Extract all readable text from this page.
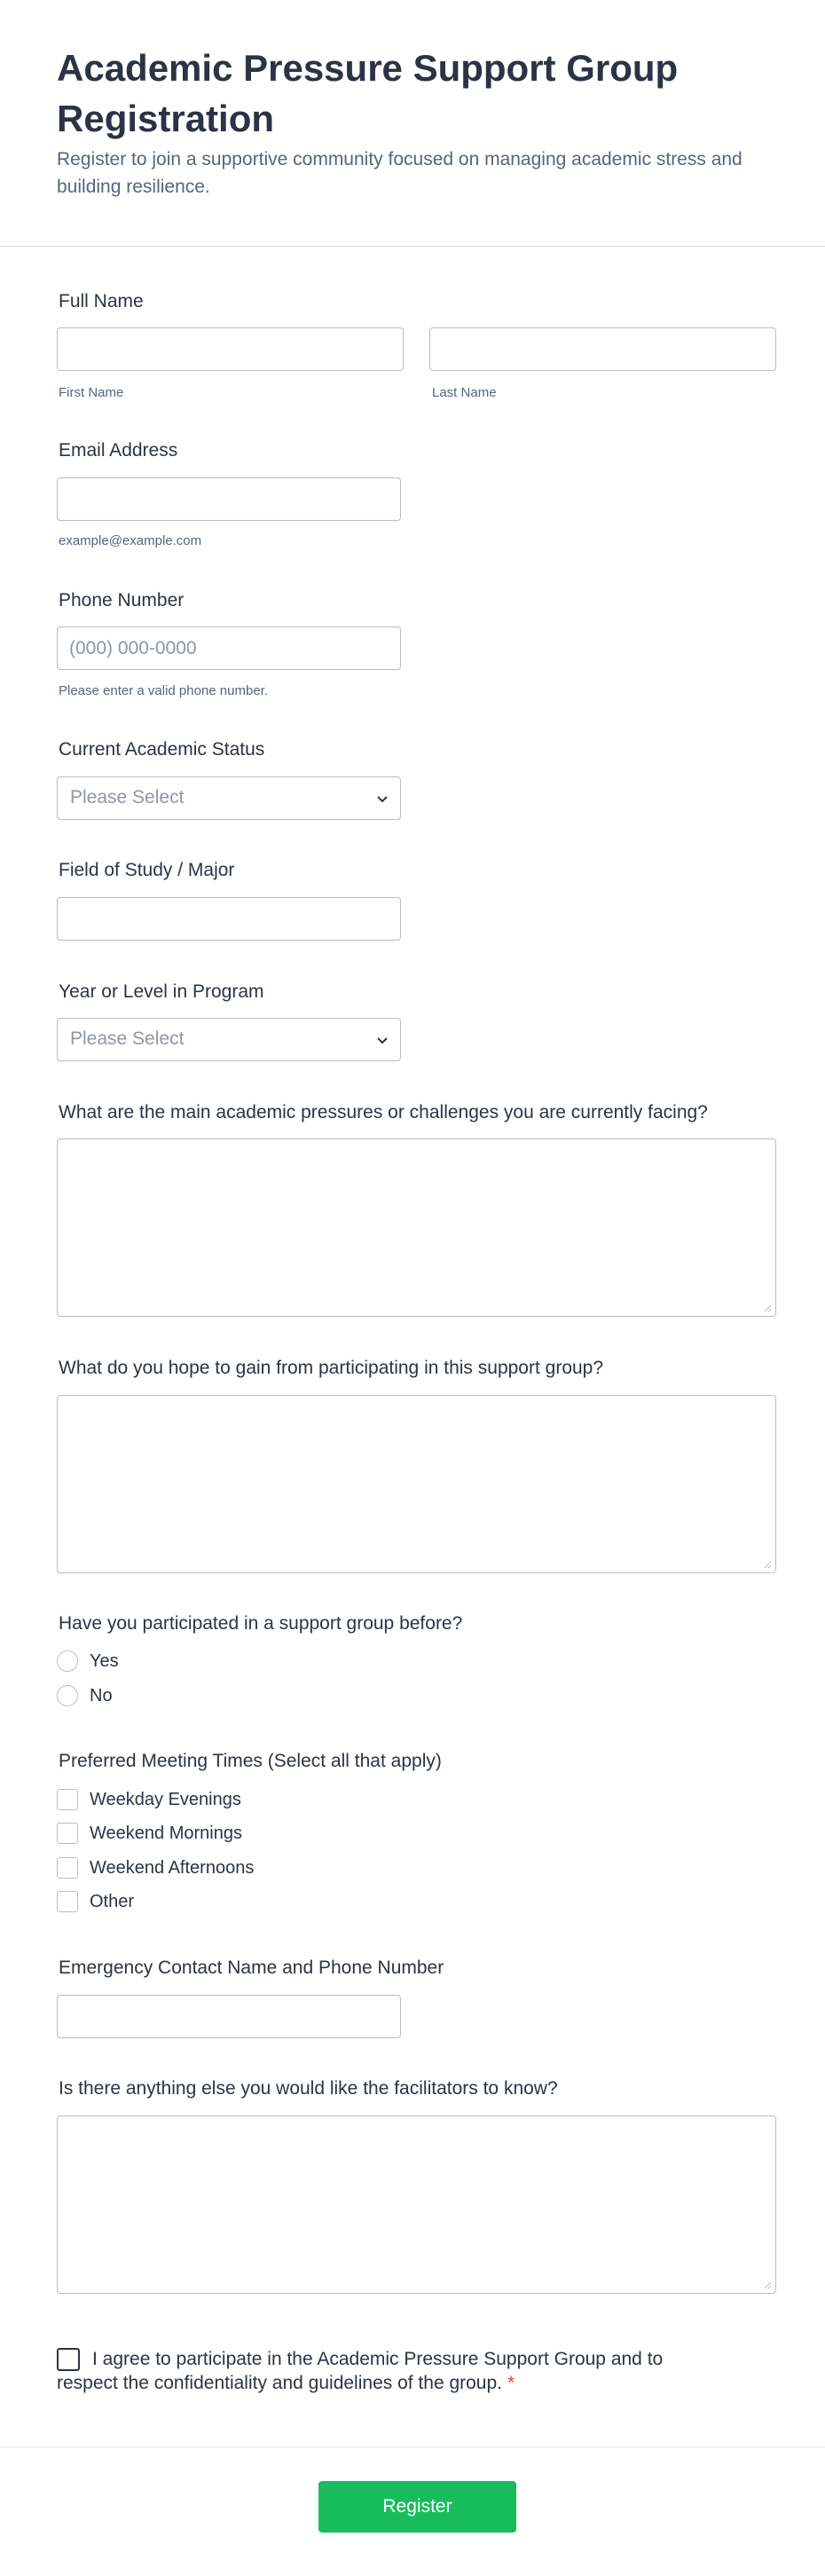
Academic Pressure Support Group Registration

Register to join a supportive community focused on managing academic stress and building resilience.

Full Name
First Name	Last Name
Email Address
example@example.com
Phone Number
(000) 000-0000
Please enter a valid phone number.
Current Academic Status
Please Select
Field of Study / Major
Year or Level in Program
Please Select
What are the main academic pressures or challenges you are currently facing?
What do you hope to gain from participating in this support group?
Have you participated in a support group before?
Yes
No
Preferred Meeting Times (Select all that apply)
Weekday Evenings
Weekend Mornings
Weekend Afternoons
Other
Emergency Contact Name and Phone Number
Is there anything else you would like the facilitators to know?

I agree to participate in the Academic Pressure Support Group and to respect the confidentiality and guidelines of the group. *

Register
